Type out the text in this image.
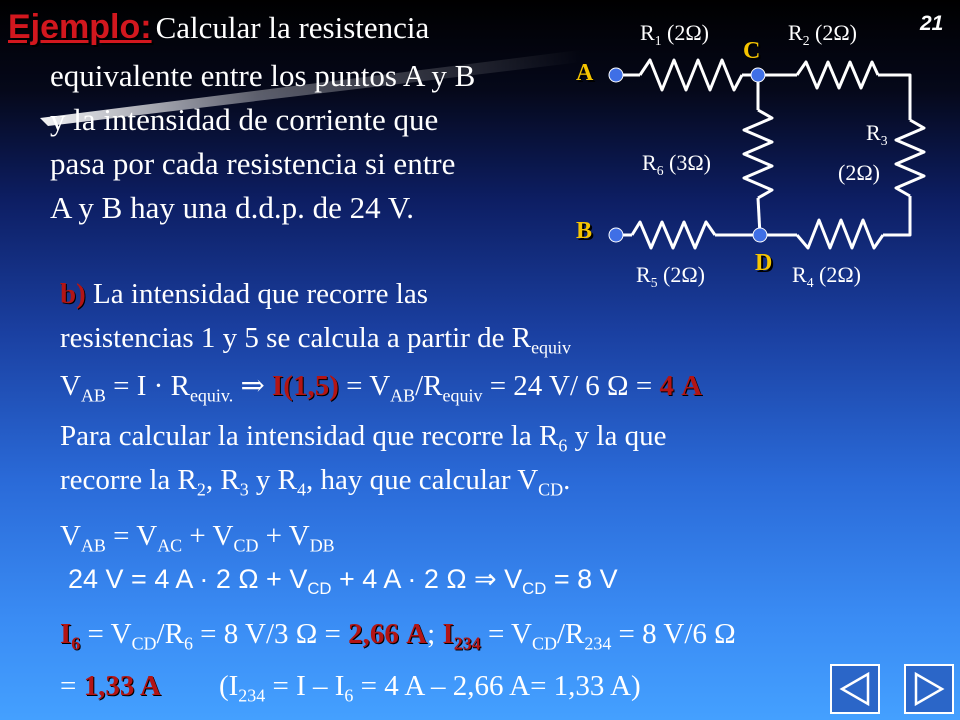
Ejemplo: Calcular la resistencia
equivalente entre los puntos A y B
y la intensidad de corriente que
pasa por cada resistencia si entre
A y B hay una d.d.p. de 24 V.
21
A
C
B
D
$R_1$ (2Ω)	$R_2$ (2Ω)
$R_3$
(2Ω)
$R_4$ (2Ω)
$R_5$ (2Ω)
$R_6$ (3Ω)
b) La intensidad que recorre las
resistencias 1 y 5 se calcula a partir de $R_{equiv}$
$V_{AB} = I \cdot R_{equiv.}$ ⇒ $I(1,5) = V_{AB}/R_{equiv} = 24$ V/ 6 Ω = 4 A
Para calcular la intensidad que recorre la $R_6$ y la que
recorre la $R_2$, $R_3$ y $R_4$, hay que calcular $V_{CD}$.
$V_{AB} = V_{AC} + V_{CD} + V_{DB}$
24 V = 4 A · 2 $\Omega + V_{CD} + 4$ A · 2 Ω ⇒ $V_{CD} = 8$ V
$I_6 = V_{CD}/R_6 = 8$ V/3 Ω = 2,66 A; $I_{234} = V_{CD}/R_{234} = 8$ V/6 Ω
= 1,33 A ($I_{234} = I - I_6 = 4$ A – 2,66 A= 1,33 A)
